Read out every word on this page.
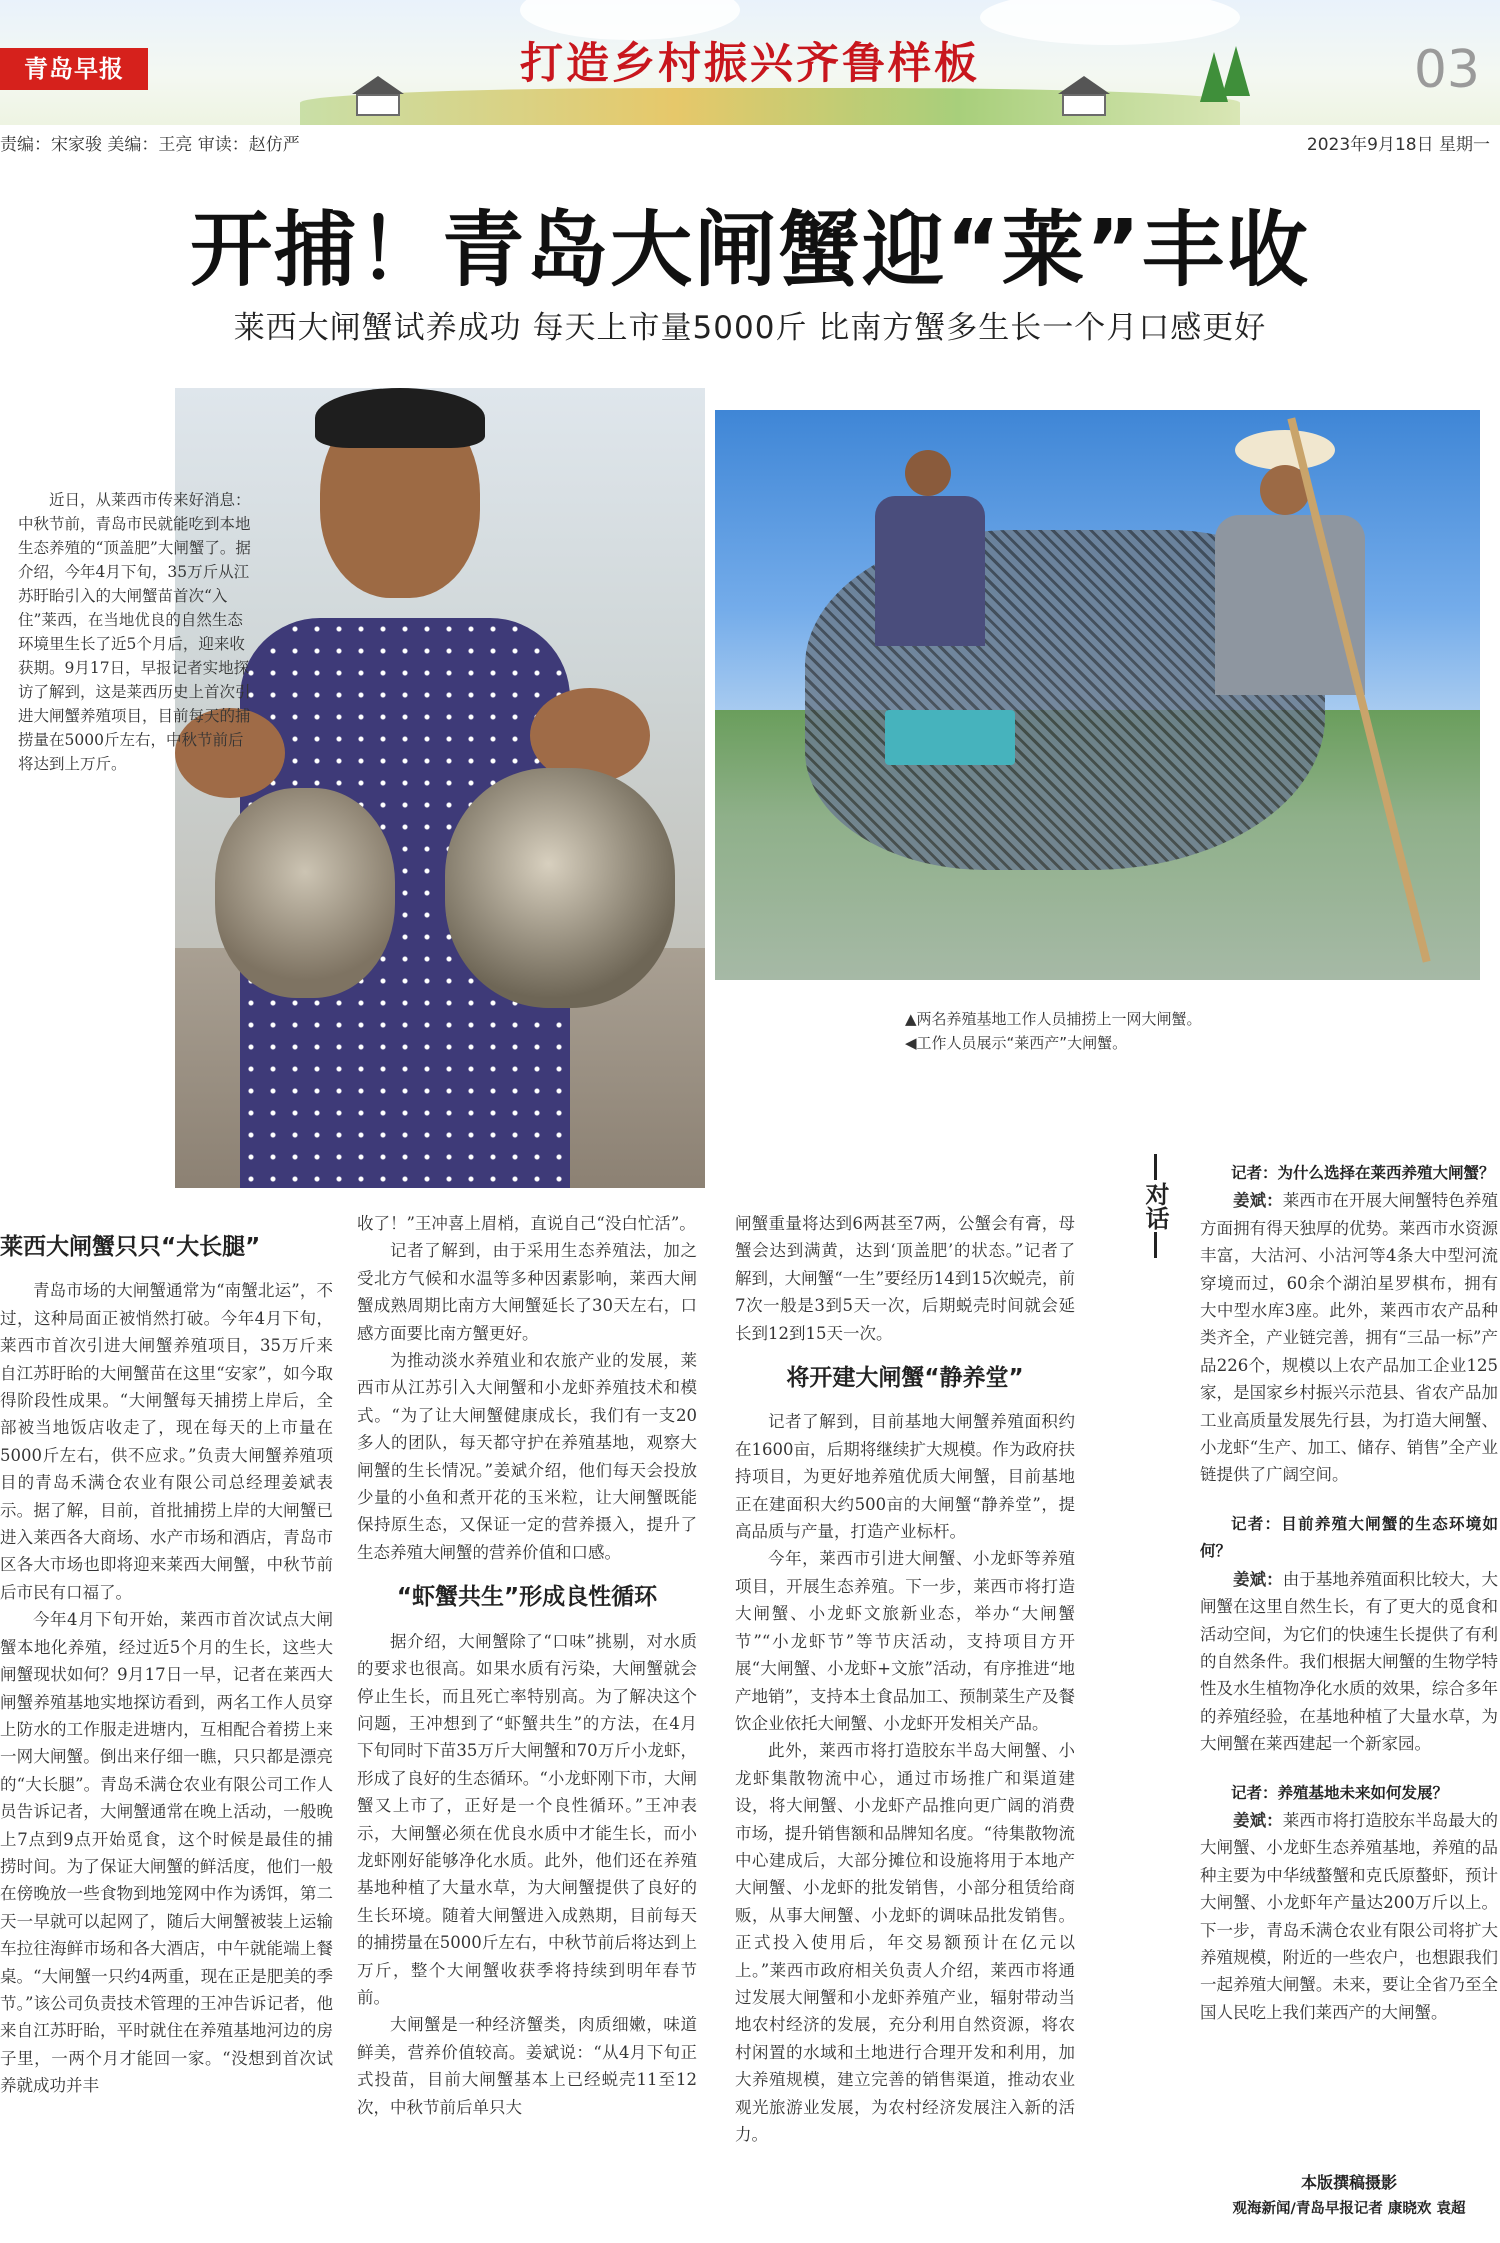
青岛早报	打造乡村振兴齐鲁样板	03
责编：宋家骏 美编：王亮 审读：赵仿严	2023年9月18日 星期一
开捕！青岛大闸蟹迎“莱”丰收
莱西大闸蟹试养成功 每天上市量5000斤 比南方蟹多生长一个月口感更好
近日，从莱西市传来好消息：中秋节前，青岛市民就能吃到本地生态养殖的“顶盖肥”大闸蟹了。据介绍，今年4月下旬，35万斤从江苏盱眙引入的大闸蟹苗首次“入住”莱西，在当地优良的自然生态环境里生长了近5个月后，迎来收获期。9月17日，早报记者实地探访了解到，这是莱西历史上首次引进大闸蟹养殖项目，目前每天的捕捞量在5000斤左右，中秋节前后将达到上万斤。
▲两名养殖基地工作人员捕捞上一网大闸蟹。
◀工作人员展示“莱西产”大闸蟹。
莱西大闸蟹只只“大长腿”

青岛市场的大闸蟹通常为“南蟹北运”，不过，这种局面正被悄然打破。今年4月下旬，莱西市首次引进大闸蟹养殖项目，35万斤来自江苏盱眙的大闸蟹苗在这里“安家”，如今取得阶段性成果。“大闸蟹每天捕捞上岸后，全部被当地饭店收走了，现在每天的上市量在5000斤左右，供不应求。”负责大闸蟹养殖项目的青岛禾满仓农业有限公司总经理姜斌表示。据了解，目前，首批捕捞上岸的大闸蟹已进入莱西各大商场、水产市场和酒店，青岛市区各大市场也即将迎来莱西大闸蟹，中秋节前后市民有口福了。

今年4月下旬开始，莱西市首次试点大闸蟹本地化养殖，经过近5个月的生长，这些大闸蟹现状如何？9月17日一早，记者在莱西大闸蟹养殖基地实地探访看到，两名工作人员穿上防水的工作服走进塘内，互相配合着捞上来一网大闸蟹。倒出来仔细一瞧，只只都是漂亮的“大长腿”。青岛禾满仓农业有限公司工作人员告诉记者，大闸蟹通常在晚上活动，一般晚上7点到9点开始觅食，这个时候是最佳的捕捞时间。为了保证大闸蟹的鲜活度，他们一般在傍晚放一些食物到地笼网中作为诱饵，第二天一早就可以起网了，随后大闸蟹被装上运输车拉往海鲜市场和各大酒店，中午就能端上餐桌。“大闸蟹一只约4两重，现在正是肥美的季节。”该公司负责技术管理的王冲告诉记者，他来自江苏盱眙，平时就住在养殖基地河边的房子里，一两个月才能回一家。“没想到首次试养就成功并丰

收了！”王冲喜上眉梢，直说自己“没白忙活”。

记者了解到，由于采用生态养殖法，加之受北方气候和水温等多种因素影响，莱西大闸蟹成熟周期比南方大闸蟹延长了30天左右，口感方面要比南方蟹更好。

为推动淡水养殖业和农旅产业的发展，莱西市从江苏引入大闸蟹和小龙虾养殖技术和模式。“为了让大闸蟹健康成长，我们有一支20多人的团队，每天都守护在养殖基地，观察大闸蟹的生长情况。”姜斌介绍，他们每天会投放少量的小鱼和煮开花的玉米粒，让大闸蟹既能保持原生态，又保证一定的营养摄入，提升了生态养殖大闸蟹的营养价值和口感。

“虾蟹共生”形成良性循环

据介绍，大闸蟹除了“口味”挑剔，对水质的要求也很高。如果水质有污染，大闸蟹就会停止生长，而且死亡率特别高。为了解决这个问题，王冲想到了“虾蟹共生”的方法，在4月下旬同时下苗35万斤大闸蟹和70万斤小龙虾，形成了良好的生态循环。“小龙虾刚下市，大闸蟹又上市了，正好是一个良性循环。”王冲表示，大闸蟹必须在优良水质中才能生长，而小龙虾刚好能够净化水质。此外，他们还在养殖基地种植了大量水草，为大闸蟹提供了良好的生长环境。随着大闸蟹进入成熟期，目前每天的捕捞量在5000斤左右，中秋节前后将达到上万斤，整个大闸蟹收获季将持续到明年春节前。

大闸蟹是一种经济蟹类，肉质细嫩，味道鲜美，营养价值较高。姜斌说：“从4月下旬正式投苗，目前大闸蟹基本上已经蜕壳11至12次，中秋节前后单只大

闸蟹重量将达到6两甚至7两，公蟹会有膏，母蟹会达到满黄，达到‘顶盖肥’的状态。”记者了解到，大闸蟹“一生”要经历14到15次蜕壳，前7次一般是3到5天一次，后期蜕壳时间就会延长到12到15天一次。

将开建大闸蟹“静养堂”

记者了解到，目前基地大闸蟹养殖面积约在1600亩，后期将继续扩大规模。作为政府扶持项目，为更好地养殖优质大闸蟹，目前基地正在建面积大约500亩的大闸蟹“静养堂”，提高品质与产量，打造产业标杆。

今年，莱西市引进大闸蟹、小龙虾等养殖项目，开展生态养殖。下一步，莱西市将打造大闸蟹、小龙虾文旅新业态，举办“大闸蟹节”“小龙虾节”等节庆活动，支持项目方开展“大闸蟹、小龙虾+文旅”活动，有序推进“地产地销”，支持本土食品加工、预制菜生产及餐饮企业依托大闸蟹、小龙虾开发相关产品。

此外，莱西市将打造胶东半岛大闸蟹、小龙虾集散物流中心，通过市场推广和渠道建设，将大闸蟹、小龙虾产品推向更广阔的消费市场，提升销售额和品牌知名度。“待集散物流中心建成后，大部分摊位和设施将用于本地产大闸蟹、小龙虾的批发销售，小部分租赁给商贩，从事大闸蟹、小龙虾的调味品批发销售。正式投入使用后，年交易额预计在亿元以上。”莱西市政府相关负责人介绍，莱西市将通过发展大闸蟹和小龙虾养殖产业，辐射带动当地农村经济的发展，充分利用自然资源，将农村闲置的水域和土地进行合理开发和利用，加大养殖规模，建立完善的销售渠道，推动农业观光旅游业发展，为农村经济发展注入新的活力。

对话
记者：为什么选择在莱西养殖大闸蟹？

姜斌：莱西市在开展大闸蟹特色养殖方面拥有得天独厚的优势。莱西市水资源丰富，大沽河、小沽河等4条大中型河流穿境而过，60余个湖泊星罗棋布，拥有大中型水库3座。此外，莱西市农产品种类齐全，产业链完善，拥有“三品一标”产品226个，规模以上农产品加工企业125家，是国家乡村振兴示范县、省农产品加工业高质量发展先行县，为打造大闸蟹、小龙虾“生产、加工、储存、销售”全产业链提供了广阔空间。

记者：目前养殖大闸蟹的生态环境如何？

姜斌：由于基地养殖面积比较大，大闸蟹在这里自然生长，有了更大的觅食和活动空间，为它们的快速生长提供了有利的自然条件。我们根据大闸蟹的生物学特性及水生植物净化水质的效果，综合多年的养殖经验，在基地种植了大量水草，为大闸蟹在莱西建起一个新家园。

记者：养殖基地未来如何发展？

姜斌：莱西市将打造胶东半岛最大的大闸蟹、小龙虾生态养殖基地，养殖的品种主要为中华绒螯蟹和克氏原螯虾，预计大闸蟹、小龙虾年产量达200万斤以上。下一步，青岛禾满仓农业有限公司将扩大养殖规模，附近的一些农户，也想跟我们一起养殖大闸蟹。未来，要让全省乃至全国人民吃上我们莱西产的大闸蟹。

本版撰稿摄影
观海新闻/青岛早报记者 康晓欢 袁超
